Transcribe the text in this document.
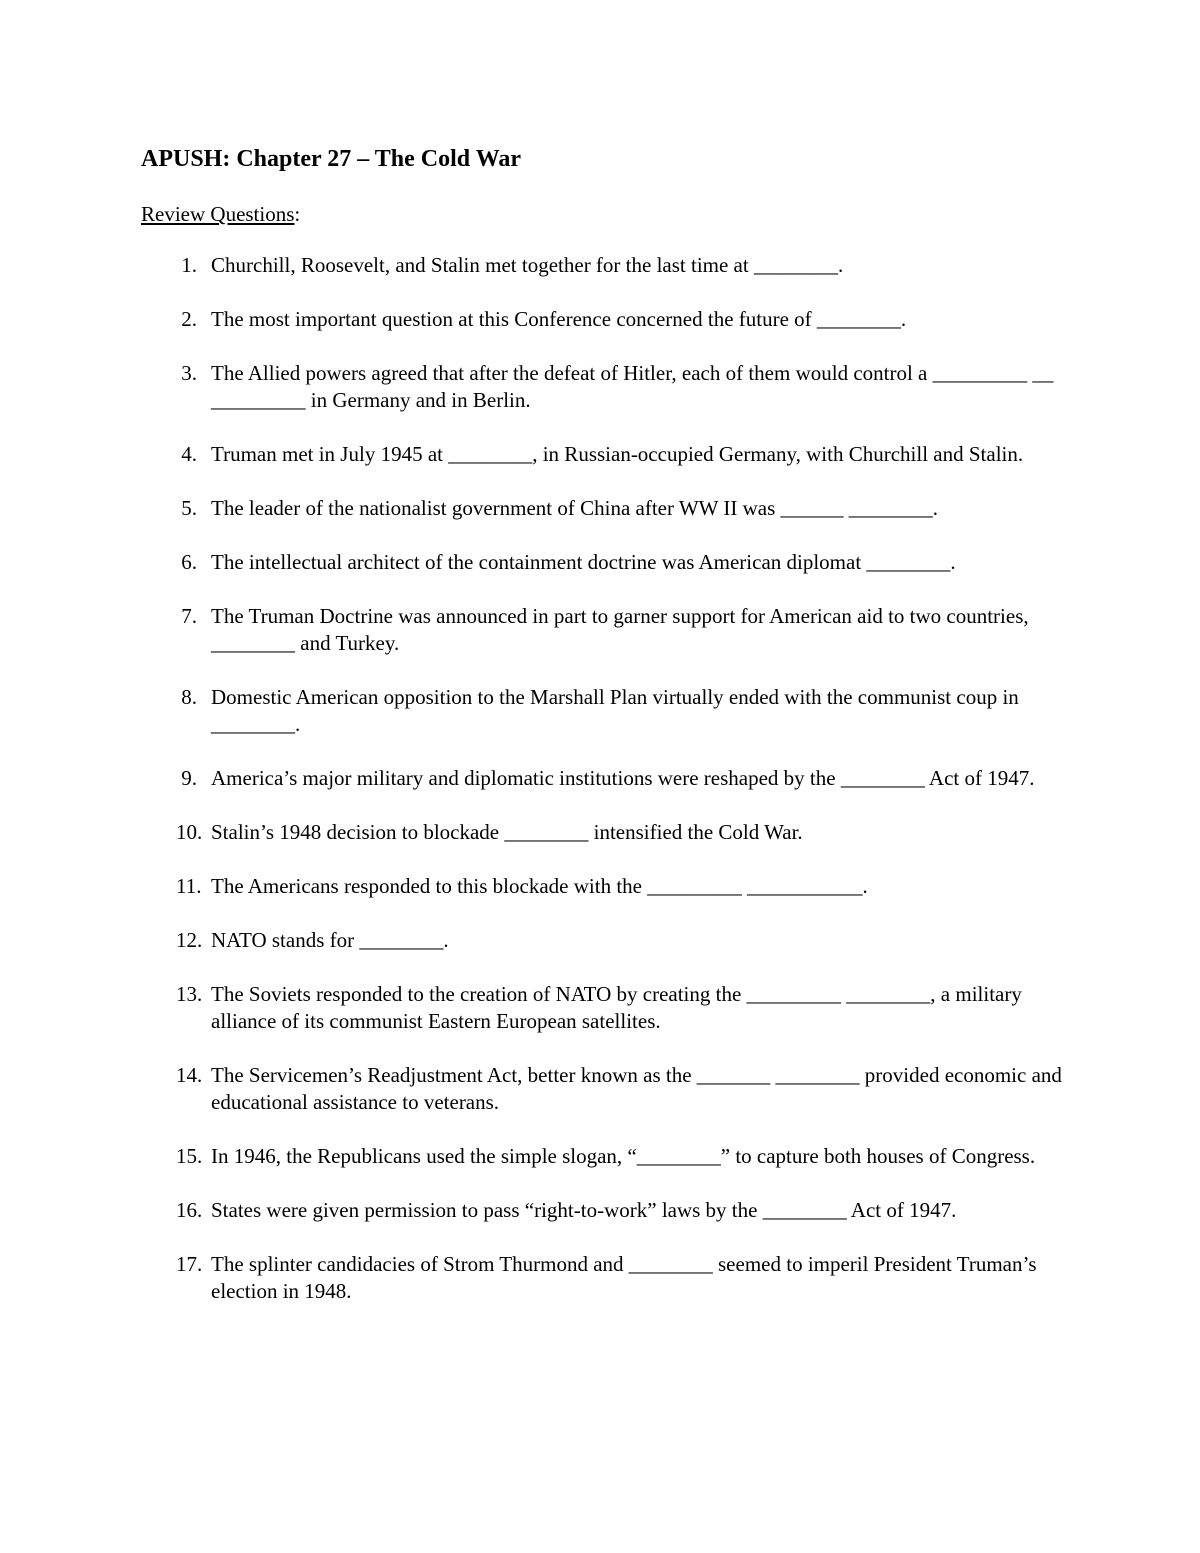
APUSH: Chapter 27 – The Cold War
Review Questions:
1. Churchill, Roosevelt, and Stalin met together for the last time at ________.
2. The most important question at this Conference concerned the future of ________.
3. The Allied powers agreed that after the defeat of Hitler, each of them would control a _________ __ _________ in Germany and in Berlin.
4. Truman met in July 1945 at ________, in Russian-occupied Germany, with Churchill and Stalin.
5. The leader of the nationalist government of China after WW II was ______ ________.
6. The intellectual architect of the containment doctrine was American diplomat ________.
7. The Truman Doctrine was announced in part to garner support for American aid to two countries, ________ and Turkey.
8. Domestic American opposition to the Marshall Plan virtually ended with the communist coup in ________.
9. America’s major military and diplomatic institutions were reshaped by the ________ Act of 1947.
10. Stalin’s 1948 decision to blockade ________ intensified the Cold War.
11. The Americans responded to this blockade with the _________ ___________.
12. NATO stands for ________.
13. The Soviets responded to the creation of NATO by creating the _________ ________, a military alliance of its communist Eastern European satellites.
14. The Servicemen’s Readjustment Act, better known as the _______ ________ provided economic and educational assistance to veterans.
15. In 1946, the Republicans used the simple slogan, “________” to capture both houses of Congress.
16. States were given permission to pass “right-to-work” laws by the ________ Act of 1947.
17. The splinter candidacies of Strom Thurmond and ________ seemed to imperil President Truman’s election in 1948.
